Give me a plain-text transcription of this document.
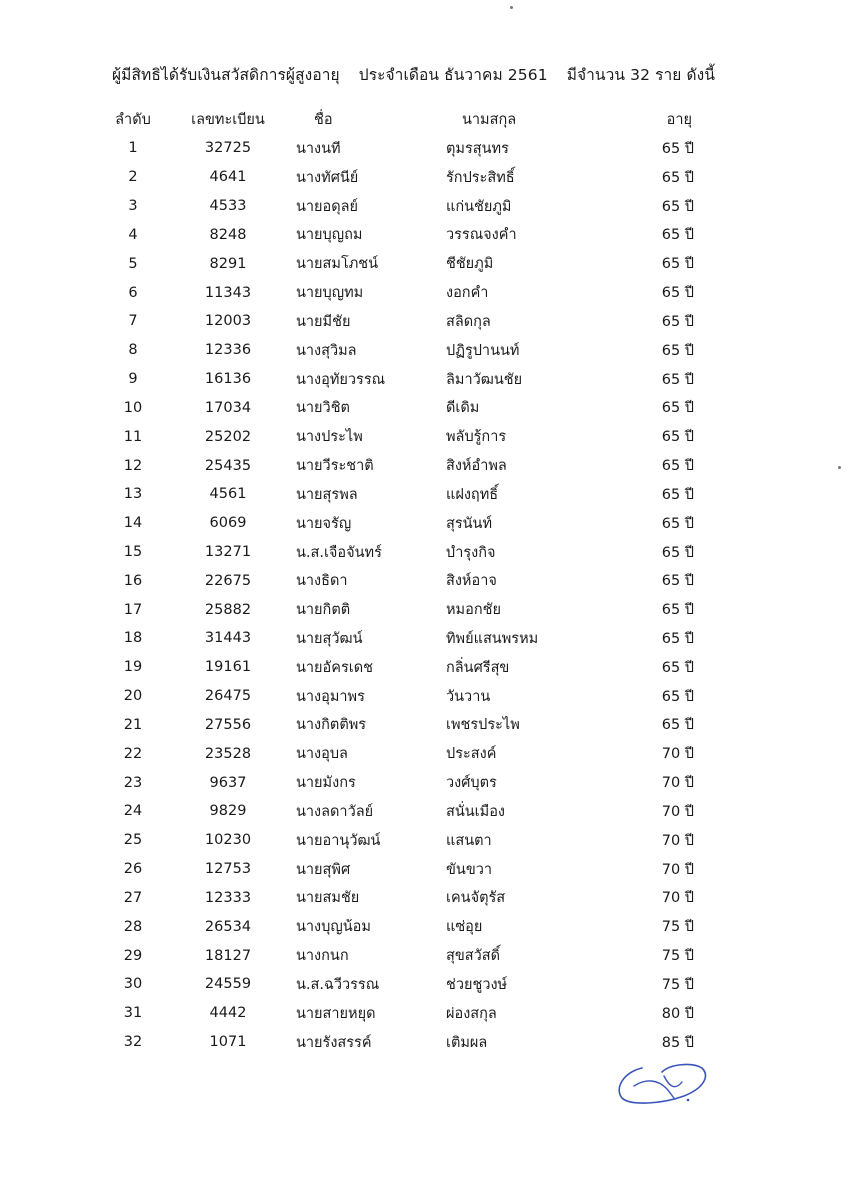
ผู้มีสิทธิได้รับเงินสวัสดิการผู้สูงอายุ ประจำเดือน ธันวาคม 2561 มีจำนวน 32 ราย ดังนี้
ลำดับ	เลขทะเบียน	ชื่อ	นามสกุล	อายุ
1	32725	นางนที	ตุมรสุนทร	65 ปี
2	4641	นางทัศนีย์	รักประสิทธิ์	65 ปี
3	4533	นายอดุลย์	แก่นชัยภูมิ	65 ปี
4	8248	นายบุญถม	วรรณจงคำ	65 ปี
5	8291	นายสมโภชน์	ชีชัยภูมิ	65 ปี
6	11343	นายบุญทม	งอกคำ	65 ปี
7	12003	นายมีชัย	สลิดกุล	65 ปี
8	12336	นางสุวิมล	ปฏิรูปานนท์	65 ปี
9	16136	นางอุทัยวรรณ	ลิมาวัฒนชัย	65 ปี
10	17034	นายวิชิต	ดีเดิม	65 ปี
11	25202	นางประไพ	พลับรู้การ	65 ปี
12	25435	นายวีระชาติ	สิงห์อำพล	65 ปี
13	4561	นายสุรพล	แฝงฤทธิ์	65 ปี
14	6069	นายจรัญ	สุรนันท์	65 ปี
15	13271	น.ส.เจือจันทร์	บำรุงกิจ	65 ปี
16	22675	นางธิดา	สิงห์อาจ	65 ปี
17	25882	นายกิตติ	หมอกชัย	65 ปี
18	31443	นายสุวัฒน์	ทิพย์แสนพรหม	65 ปี
19	19161	นายอัครเดช	กลิ่นศรีสุข	65 ปี
20	26475	นางอุมาพร	วันวาน	65 ปี
21	27556	นางกิตติพร	เพชรประไพ	65 ปี
22	23528	นางอุบล	ประสงค์	70 ปี
23	9637	นายมังกร	วงศ์บุตร	70 ปี
24	9829	นางลดาวัลย์	สนั่นเมือง	70 ปี
25	10230	นายอานุวัฒน์	แสนตา	70 ปี
26	12753	นายสุพิศ	ขันขวา	70 ปี
27	12333	นายสมชัย	เคนจัตุรัส	70 ปี
28	26534	นางบุญน้อม	แซ่อุย	75 ปี
29	18127	นางกนก	สุขสวัสดิ์	75 ปี
30	24559	น.ส.ฉวีวรรณ	ช่วยชูวงษ์	75 ปี
31	4442	นายสายหยุด	ผ่องสกุล	80 ปี
32	1071	นายรังสรรค์	เติมผล	85 ปี
